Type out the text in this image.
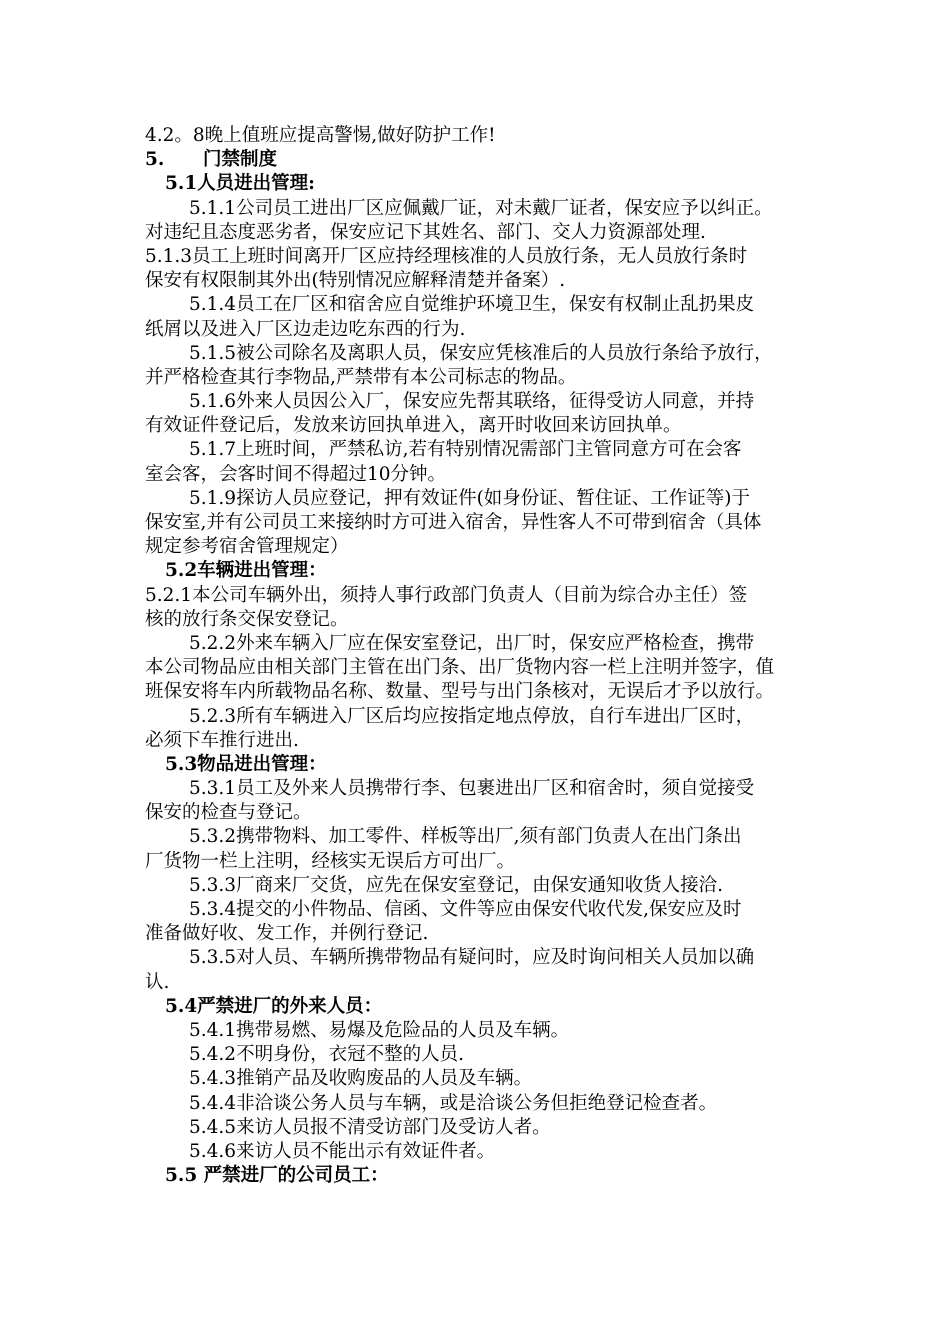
4.2。8晚上值班应提高警惕,做好防护工作!
5.      门禁制度
5.1人员进出管理:
5.1.1公司员工进出厂区应佩戴厂证，对未戴厂证者，保安应予以纠正。
对违纪且态度恶劣者，保安应记下其姓名、部门、交人力资源部处理.
5.1.3员工上班时间离开厂区应持经理核准的人员放行条，无人员放行条时
保安有权限制其外出(特别情况应解释清楚并备案）.
5.1.4员工在厂区和宿舍应自觉维护环境卫生，保安有权制止乱扔果皮
纸屑以及进入厂区边走边吃东西的行为.
5.1.5被公司除名及离职人员，保安应凭核准后的人员放行条给予放行，
并严格检查其行李物品,严禁带有本公司标志的物品。
5.1.6外来人员因公入厂，保安应先帮其联络，征得受访人同意，并持
有效证件登记后，发放来访回执单进入，离开时收回来访回执单。
5.1.7上班时间，严禁私访,若有特别情况需部门主管同意方可在会客
室会客，会客时间不得超过10分钟。
5.1.9探访人员应登记，押有效证件(如身份证、暂住证、工作证等)于
保安室,并有公司员工来接纳时方可进入宿舍，异性客人不可带到宿舍（具体
规定参考宿舍管理规定）
5.2车辆进出管理：
5.2.1本公司车辆外出，须持人事行政部门负责人（目前为综合办主任）签
核的放行条交保安登记。
5.2.2外来车辆入厂应在保安室登记，出厂时，保安应严格检查，携带
本公司物品应由相关部门主管在出门条、出厂货物内容一栏上注明并签字，值
班保安将车内所载物品名称、数量、型号与出门条核对，无误后才予以放行。
5.2.3所有车辆进入厂区后均应按指定地点停放，自行车进出厂区时，
必须下车推行进出.
5.3物品进出管理：
5.3.1员工及外来人员携带行李、包裹进出厂区和宿舍时，须自觉接受
保安的检查与登记。
5.3.2携带物料、加工零件、样板等出厂,须有部门负责人在出门条出
厂货物一栏上注明，经核实无误后方可出厂。
5.3.3厂商来厂交货，应先在保安室登记，由保安通知收货人接洽.
5.3.4提交的小件物品、信函、文件等应由保安代收代发,保安应及时
准备做好收、发工作，并例行登记.
5.3.5对人员、车辆所携带物品有疑问时，应及时询问相关人员加以确
认.
5.4严禁进厂的外来人员：
5.4.1携带易燃、易爆及危险品的人员及车辆。
5.4.2不明身份，衣冠不整的人员.
5.4.3推销产品及收购废品的人员及车辆。
5.4.4非洽谈公务人员与车辆，或是洽谈公务但拒绝登记检查者。
5.4.5来访人员报不清受访部门及受访人者。
5.4.6来访人员不能出示有效证件者。
5.5 严禁进厂的公司员工：
